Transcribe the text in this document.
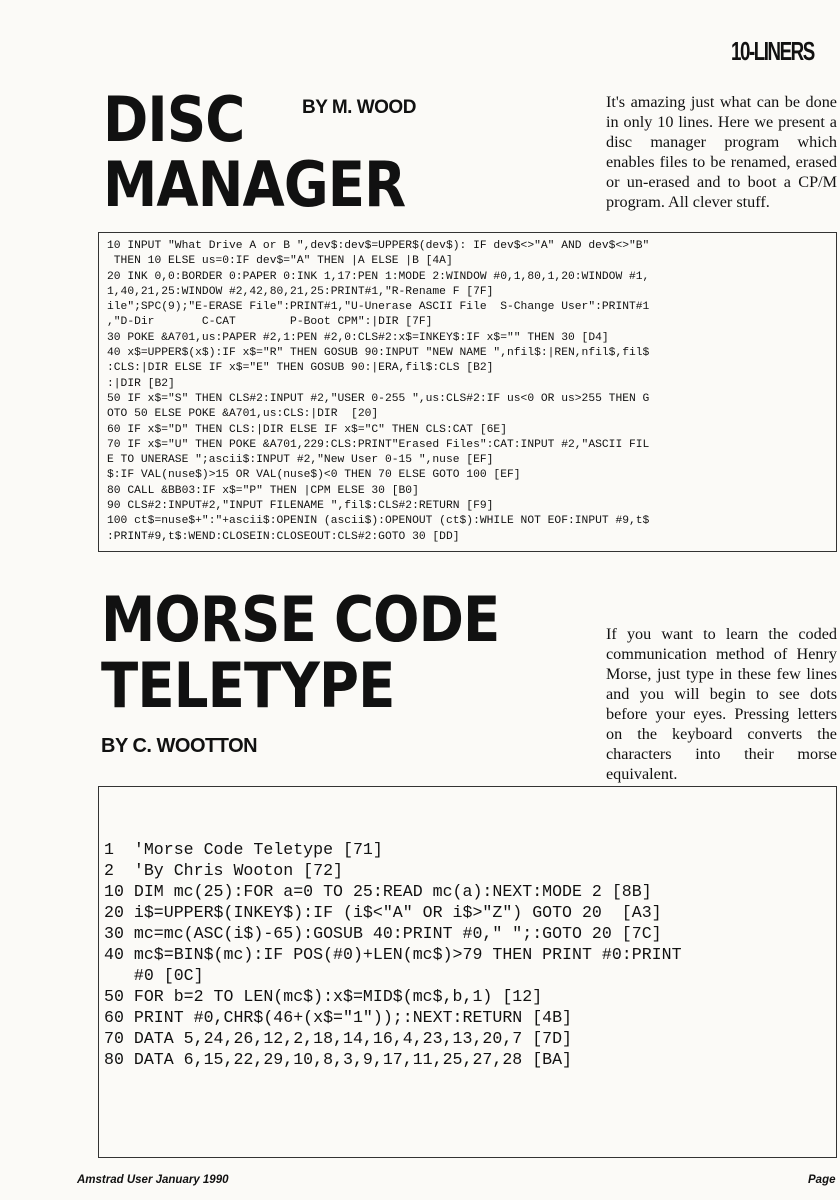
10-LINERS
DISC
MANAGER
BY M. WOOD	It's amazing just what can be done in only 10 lines. Here we present a disc manager program which enables files to be renamed, erased or un-erased and to boot a CP/M program. All clever stuff.

10 INPUT "What Drive A or B ",dev$:dev$=UPPER$(dev$): IF dev$<>"A" AND dev$<>"B"
THEN 10 ELSE us=0:IF dev$="A" THEN |A ELSE |B [4A]
20 INK 0,0:BORDER 0:PAPER 0:INK 1,17:PEN 1:MODE 2:WINDOW #0,1,80,1,20:WINDOW #1,
1,40,21,25:WINDOW #2,42,80,21,25:PRINT#1,"R-Rename F [7F]
ile";SPC(9);"E-ERASE File":PRINT#1,"U-Unerase ASCII File  S-Change User":PRINT#1
,"D-Dir       C-CAT        P-Boot CPM":|DIR [7F]
30 POKE &A701,us:PAPER #2,1:PEN #2,0:CLS#2:x$=INKEY$:IF x$="" THEN 30 [D4]
40 x$=UPPER$(x$):IF x$="R" THEN GOSUB 90:INPUT "NEW NAME ",nfil$:|REN,nfil$,fil$
:CLS:|DIR ELSE IF x$="E" THEN GOSUB 90:|ERA,fil$:CLS [B2]
:|DIR [B2]
50 IF x$="S" THEN CLS#2:INPUT #2,"USER 0-255 ",us:CLS#2:IF us<0 OR us>255 THEN G
OTO 50 ELSE POKE &A701,us:CLS:|DIR  [20]
60 IF x$="D" THEN CLS:|DIR ELSE IF x$="C" THEN CLS:CAT [6E]
70 IF x$="U" THEN POKE &A701,229:CLS:PRINT"Erased Files":CAT:INPUT #2,"ASCII FIL
E TO UNERASE ";ascii$:INPUT #2,"New User 0-15 ",nuse [EF]
$:IF VAL(nuse$)>15 OR VAL(nuse$)<0 THEN 70 ELSE GOTO 100 [EF]
80 CALL &BB03:IF x$="P" THEN |CPM ELSE 30 [B0]
90 CLS#2:INPUT#2,"INPUT FILENAME ",fil$:CLS#2:RETURN [F9]
100 ct$=nuse$+":"+ascii$:OPENIN (ascii$):OPENOUT (ct$):WHILE NOT EOF:INPUT #9,t$
:PRINT#9,t$:WEND:CLOSEIN:CLOSEOUT:CLS#2:GOTO 30 [DD]
MORSE CODE
TELETYPE
BY C. WOOTTON

If you want to learn the coded communication method of Henry Morse, just type in these few lines and you will begin to see dots before your eyes. Pressing letters on the keyboard converts the characters into their morse equivalent.

1  'Morse Code Teletype [71]
2  'By Chris Wooton [72]
10 DIM mc(25):FOR a=0 TO 25:READ mc(a):NEXT:MODE 2 [8B]
20 i$=UPPER$(INKEY$):IF (i$<"A" OR i$>"Z") GOTO 20  [A3]
30 mc=mc(ASC(i$)-65):GOSUB 40:PRINT #0," ";:GOTO 20 [7C]
40 mc$=BIN$(mc):IF POS(#0)+LEN(mc$)>79 THEN PRINT #0:PRINT
#0 [0C]
50 FOR b=2 TO LEN(mc$):x$=MID$(mc$,b,1) [12]
60 PRINT #0,CHR$(46+(x$="1"));:NEXT:RETURN [4B]
70 DATA 5,24,26,12,2,18,14,16,4,23,13,20,7 [7D]
80 DATA 6,15,22,29,10,8,3,9,17,11,25,27,28 [BA]
Amstrad User January 1990	Page
